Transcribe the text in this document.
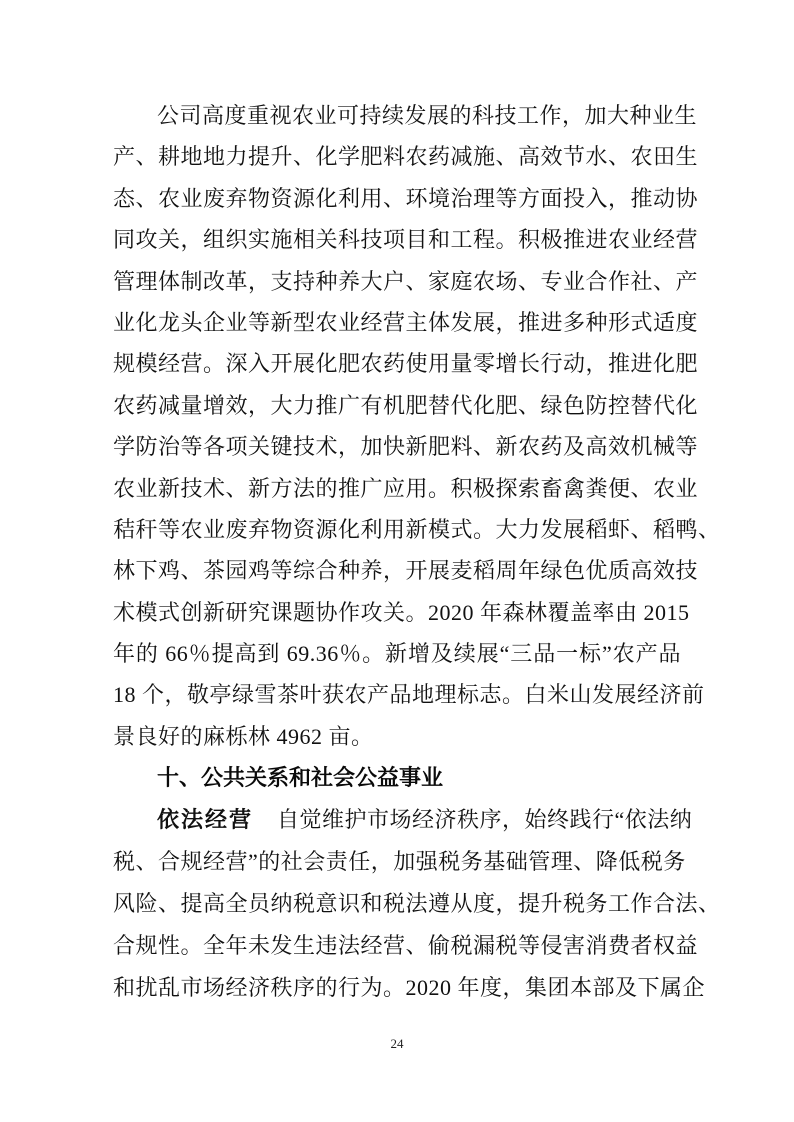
公司高度重视农业可持续发展的科技工作，加大种业生
产、耕地地力提升、化学肥料农药减施、高效节水、农田生
态、农业废弃物资源化利用、环境治理等方面投入，推动协
同攻关，组织实施相关科技项目和工程。积极推进农业经营
管理体制改革，支持种养大户、家庭农场、专业合作社、产
业化龙头企业等新型农业经营主体发展，推进多种形式适度
规模经营。深入开展化肥农药使用量零增长行动，推进化肥
农药减量增效，大力推广有机肥替代化肥、绿色防控替代化
学防治等各项关键技术，加快新肥料、新农药及高效机械等
农业新技术、新方法的推广应用。积极探索畜禽粪便、农业
秸秆等农业废弃物资源化利用新模式。大力发展稻虾、稻鸭、
林下鸡、茶园鸡等综合种养，开展麦稻周年绿色优质高效技
术模式创新研究课题协作攻关。2020 年森林覆盖率由 2015
年的 66％提高到 69.36％。新增及续展“三品一标”农产品
18 个，敬亭绿雪茶叶获农产品地理标志。白米山发展经济前
景良好的麻栎林 4962 亩。
十、公共关系和社会公益事业
依法经营 自觉维护市场经济秩序，始终践行“依法纳
税、合规经营”的社会责任，加强税务基础管理、降低税务
风险、提高全员纳税意识和税法遵从度，提升税务工作合法、
合规性。全年未发生违法经营、偷税漏税等侵害消费者权益
和扰乱市场经济秩序的行为。2020 年度，集团本部及下属企
24
